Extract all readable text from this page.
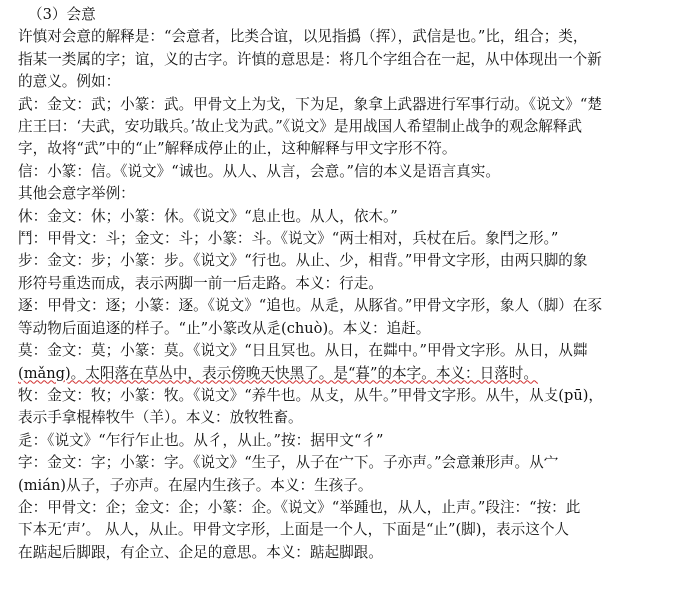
（3）会意
许慎对会意的解释是：“会意者，比类合谊，以见指撝（挥），武信是也。”比，组合；类，
指某一类属的字；谊，义的古字。许慎的意思是：将几个字组合在一起，从中体现出一个新
的意义。例如：
武：金文：武；小篆：武。甲骨文上为戈，下为足，象拿上武器进行军事行动。《说文》“楚
庄王曰：‘夫武，安功戢兵。’故止戈为武。”《说文》是用战国人希望制止战争的观念解释武
字，故将“武”中的“止”解释成停止的止，这种解释与甲文字形不符。
信：小篆：信。《说文》“诚也。从人、从言，会意。”信的本义是语言真实。
其他会意字举例：
休：金文：休；小篆：休。《说文》“息止也。从人，依木。”
鬥：甲骨文：斗；金文：斗；小篆：斗。《说文》“两士相对，兵杖在后。象鬥之形。”
步：金文：步；小篆：步。《说文》“行也。从止、少，相背。”甲骨文字形，由两只脚的象
形符号重迭而成，表示两脚一前一后走路。本义：行走。
逐：甲骨文：逐；小篆：逐。《说文》“追也。从辵，从豚省。”甲骨文字形，象人（脚）在豕
等动物后面追逐的样子。“止”小篆改从辵(chuò)。本义：追赶。
莫：金文：莫；小篆：莫。《说文》“日且冥也。从日，在茻中。”甲骨文字形。从日，从茻
(mǎng)。太阳落在草丛中，表示傍晚天快黑了。是“暮”的本字。本义：日落时。
牧：金文：牧；小篆：牧。《说文》“养牛也。从攴，从牛。”甲骨文字形。从牛，从攴(pū)，
表示手拿棍棒牧牛（羊）。本义：放牧牲畜。
辵：《说文》“乍行乍止也。从彳，从止。”按：据甲文“彳”
字：金文：字；小篆：字。《说文》“生子，从子在宀下。子亦声。”会意兼形声。从宀
(mián)从子，子亦声。在屋内生孩子。本义：生孩子。
企：甲骨文：企；金文：企；小篆：企。《说文》“举踵也，从人，止声。”段注：“按：此
下本无‘声’。 从人，从止。甲骨文字形，上面是一个人，下面是“止”(脚)，表示这个人
在踮起后脚跟，有企立、企足的意思。本义：踮起脚跟。
